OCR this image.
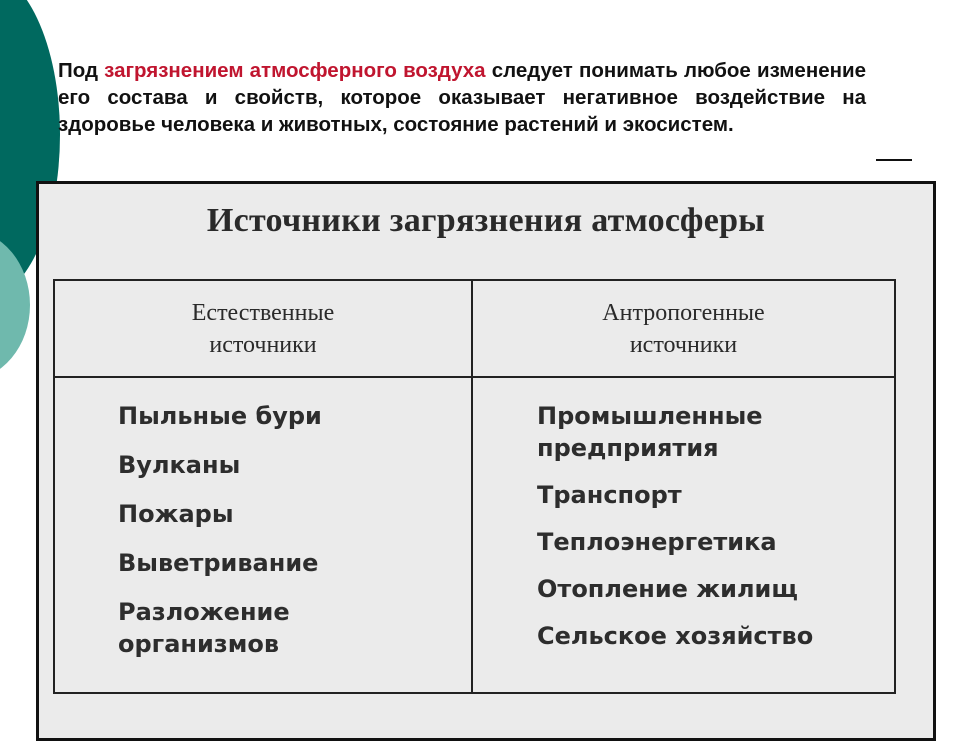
Под загрязнением атмосферного воздуха следует понимать любое изменение его состава и свойств, которое оказывает негативное воздействие на здоровье человека и животных, состояние растений и экосистем.

Источники загрязнения атмосферы
Естественные
источники
Антропогенные
источники
Пыльные бури
Вулканы
Пожары
Выветривание
Разложение организмов
Промышленные предприятия
Транспорт
Теплоэнергетика
Отопление жилищ
Сельское хозяйство
